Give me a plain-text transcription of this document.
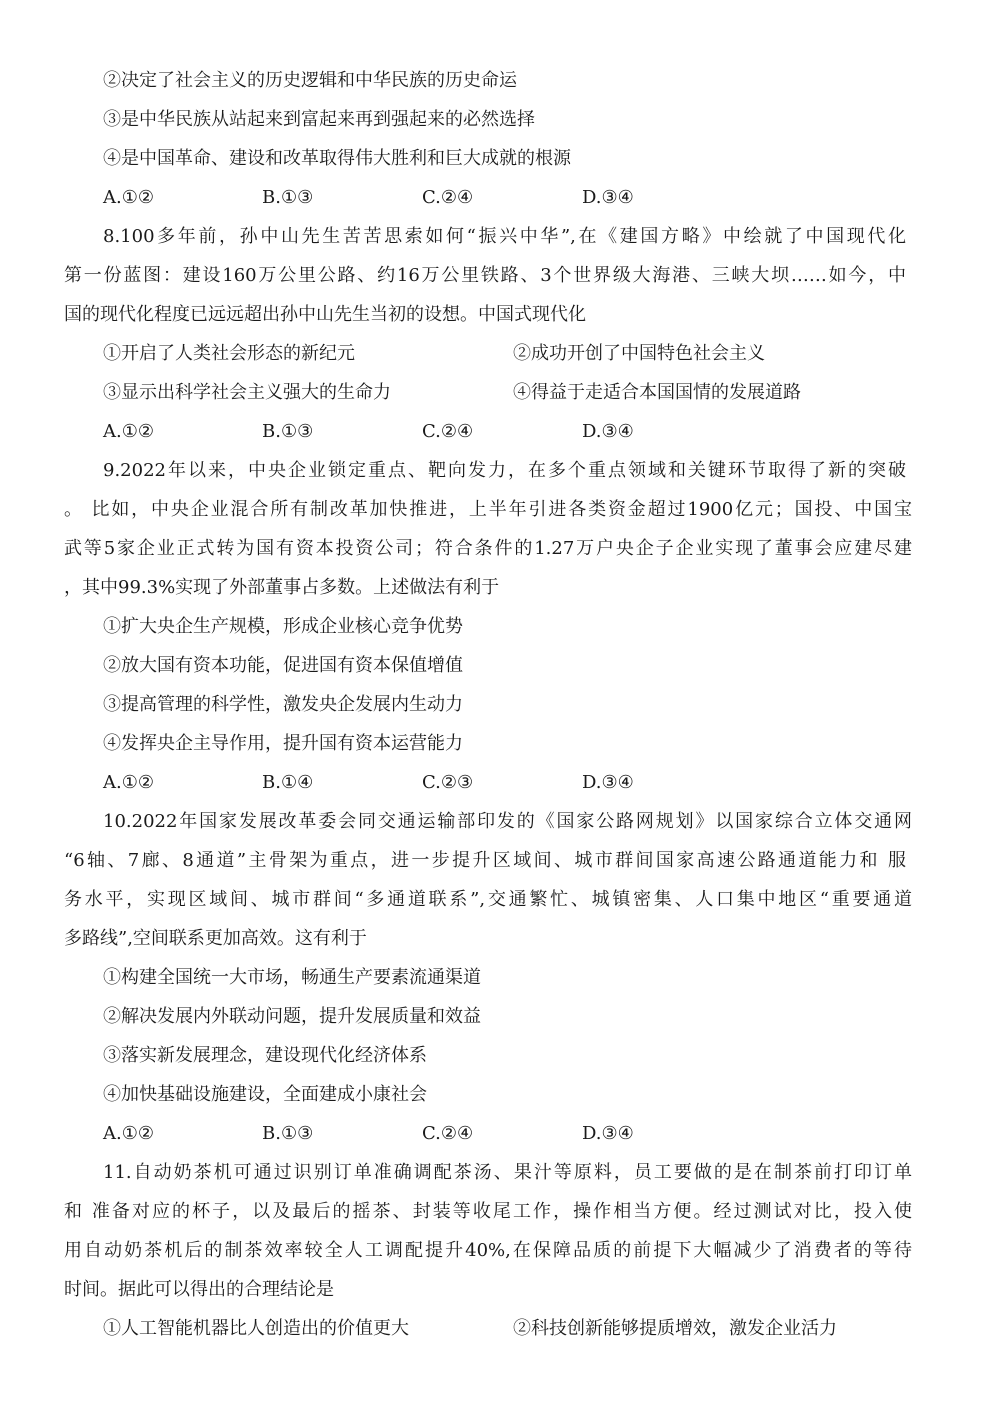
②决定了社会主义的历史逻辑和中华民族的历史命运
③是中华民族从站起来到富起来再到强起来的必然选择
④是中国革命、建设和改革取得伟大胜利和巨大成就的根源
A.①②	B.①③	C.②④	D.③④
8.100多年前，孙中山先生苦苦思索如何“振兴中华”,在《建国方略》中绘就了中国现代化
第一份蓝图：建设160万公里公路、约16万公里铁路、3个世界级大海港、三峡大坝……如今，中
国的现代化程度已远远超出孙中山先生当初的设想。中国式现代化
①开启了人类社会形态的新纪元	②成功开创了中国特色社会主义
③显示出科学社会主义强大的生命力	④得益于走适合本国国情的发展道路
A.①②	B.①③	C.②④	D.③④
9.2022年以来，中央企业锁定重点、靶向发力，在多个重点领域和关键环节取得了新的突破
。 比如，中央企业混合所有制改革加快推进，上半年引进各类资金超过1900亿元；国投、中国宝
武等5家企业正式转为国有资本投资公司；符合条件的1.27万户央企子企业实现了董事会应建尽建
，其中99.3%实现了外部董事占多数。上述做法有利于
①扩大央企生产规模，形成企业核心竞争优势
②放大国有资本功能，促进国有资本保值增值
③提高管理的科学性，激发央企发展内生动力
④发挥央企主导作用，提升国有资本运营能力
A.①②	B.①④	C.②③	D.③④
10.2022年国家发展改革委会同交通运输部印发的《国家公路网规划》以国家综合立体交通网
“6轴、7廊、8通道”主骨架为重点，进一步提升区域间、城市群间国家高速公路通道能力和 服
务水平，实现区域间、城市群间“多通道联系”,交通繁忙、城镇密集、人口集中地区“重要通道
多路线”,空间联系更加高效。这有利于
①构建全国统一大市场，畅通生产要素流通渠道
②解决发展内外联动问题，提升发展质量和效益
③落实新发展理念，建设现代化经济体系
④加快基础设施建设，全面建成小康社会
A.①②	B.①③	C.②④	D.③④
11.自动奶茶机可通过识别订单准确调配茶汤、果汁等原料，员工要做的是在制茶前打印订单
和 准备对应的杯子，以及最后的摇茶、封装等收尾工作，操作相当方便。经过测试对比，投入使
用自动奶茶机后的制茶效率较全人工调配提升40%,在保障品质的前提下大幅减少了消费者的等待
时间。据此可以得出的合理结论是
①人工智能机器比人创造出的价值更大	②科技创新能够提质增效，激发企业活力
